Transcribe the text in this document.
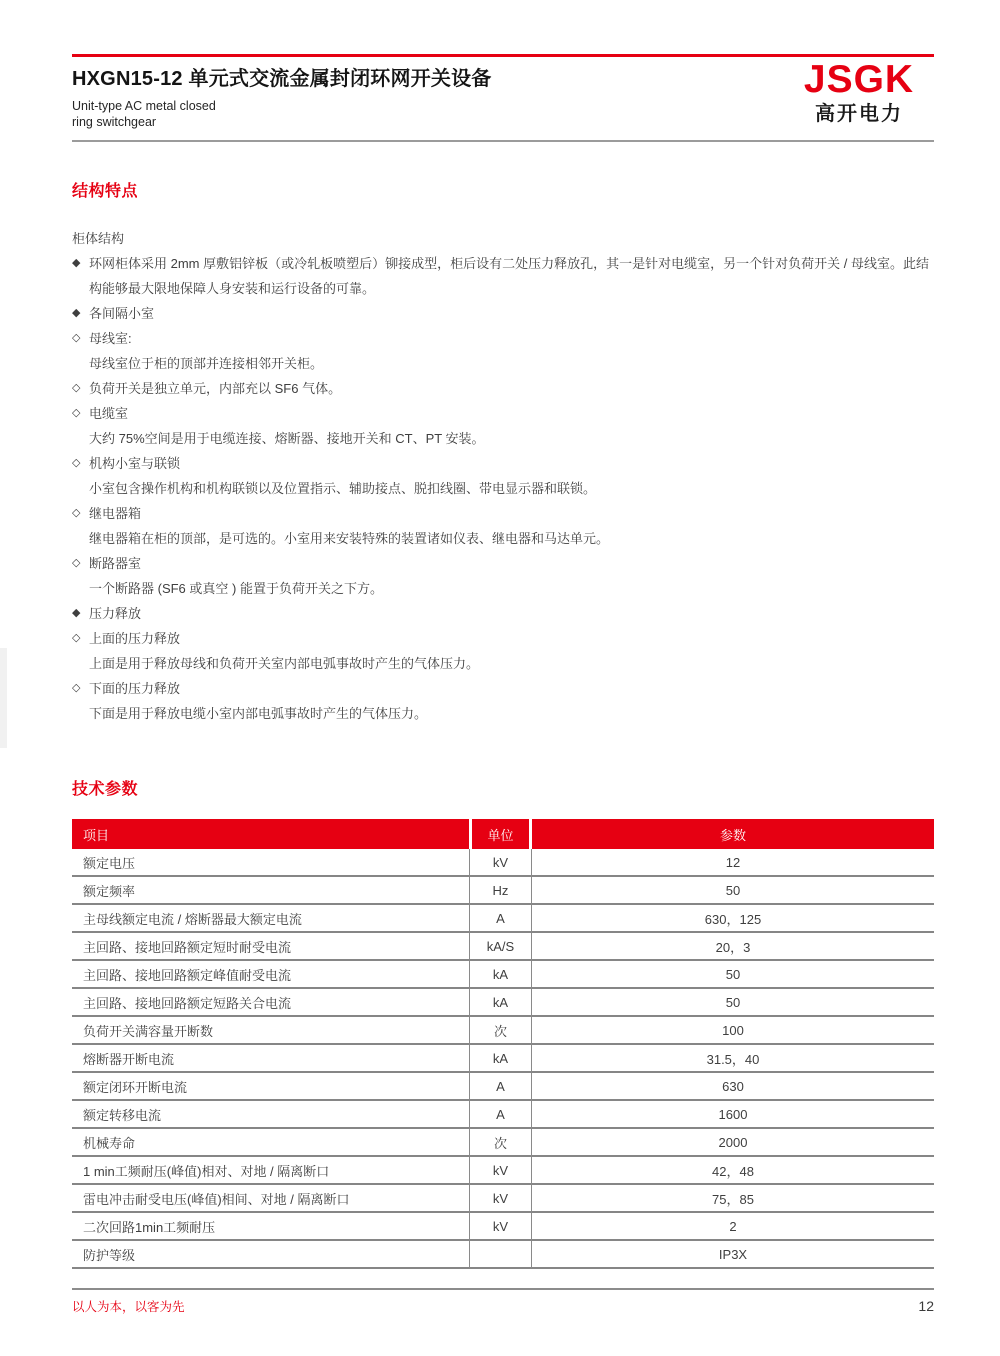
HXGN15-12 单元式交流金属封闭环网开关设备
Unit-type AC metal closed
ring switchgear
JSGK
高开电力
结构特点
柜体结构
◆ 环网柜体采用 2mm 厚敷铝锌板（或冷轧板喷塑后）铆接成型，柜后设有二处压力释放孔，其一是针对电缆室，另一个针对负荷开关 / 母线室。此结构能够最大限地保障人身安装和运行设备的可靠。
◆ 各间隔小室
◇ 母线室:
母线室位于柜的顶部并连接相邻开关柜。
◇ 负荷开关是独立单元，内部充以 SF6 气体。
◇ 电缆室
大约 75%空间是用于电缆连接、熔断器、接地开关和 CT、PT 安装。
◇ 机构小室与联锁
小室包含操作机构和机构联锁以及位置指示、辅助接点、脱扣线圈、带电显示器和联锁。
◇ 继电器箱
继电器箱在柜的顶部，是可选的。小室用来安装特殊的装置诸如仪表、继电器和马达单元。
◇ 断路器室
一个断路器 (SF6 或真空 ) 能置于负荷开关之下方。
◆ 压力释放
◇ 上面的压力释放
上面是用于释放母线和负荷开关室内部电弧事故时产生的气体压力。
◇ 下面的压力释放
下面是用于释放电缆小室内部电弧事故时产生的气体压力。
技术参数
项目	单位	参数
额定电压	kV	12
额定频率	Hz	50
主母线额定电流 / 熔断器最大额定电流	A	630，125
主回路、接地回路额定短时耐受电流	kA/S	20，3
主回路、接地回路额定峰值耐受电流	kA	50
主回路、接地回路额定短路关合电流	kA	50
负荷开关满容量开断数	次	100
熔断器开断电流	kA	31.5，40
额定闭环开断电流	A	630
额定转移电流	A	1600
机械寿命	次	2000
1 min工频耐压(峰值)相对、对地 / 隔离断口	kV	42，48
雷电冲击耐受电压(峰值)相间、对地 / 隔离断口	kV	75，85
二次回路1min工频耐压	kV	2
防护等级		IP3X
以人为本，以客为先	12
